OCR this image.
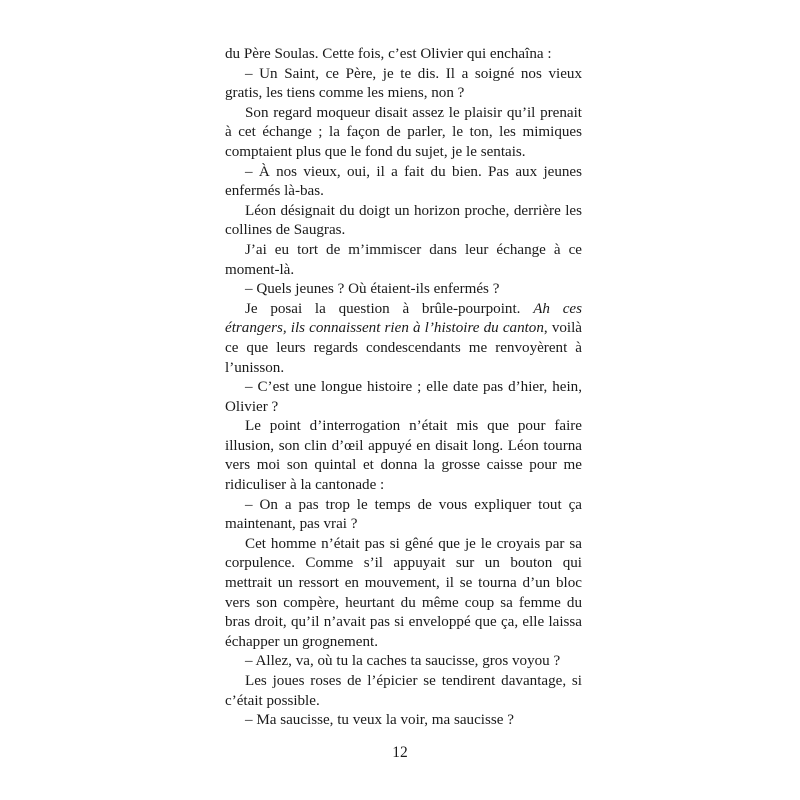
du Père Soulas. Cette fois, c’est Olivier qui enchaîna :

– Un Saint, ce Père, je te dis. Il a soigné nos vieux gratis, les tiens comme les miens, non ?

Son regard moqueur disait assez le plaisir qu’il prenait à cet échange ; la façon de parler, le ton, les mimiques comptaient plus que le fond du sujet, je le sentais.

– À nos vieux, oui, il a fait du bien. Pas aux jeunes enfermés là-bas.

Léon désignait du doigt un horizon proche, derrière les collines de Saugras.

J’ai eu tort de m’immiscer dans leur échange à ce moment-là.

– Quels jeunes ? Où étaient-ils enfermés ?

Je posai la question à brûle-pourpoint. Ah ces étrangers, ils connaissent rien à l’histoire du canton, voilà ce que leurs regards condescendants me renvoyèrent à l’unisson.

– C’est une longue histoire ; elle date pas d’hier, hein, Olivier ?

Le point d’interrogation n’était mis que pour faire illusion, son clin d’œil appuyé en disait long. Léon tourna vers moi son quintal et donna la grosse caisse pour me ridiculiser à la cantonade :

– On a pas trop le temps de vous expliquer tout ça maintenant, pas vrai ?

Cet homme n’était pas si gêné que je le croyais par sa corpulence. Comme s’il appuyait sur un bouton qui mettrait un ressort en mouvement, il se tourna d’un bloc vers son compère, heurtant du même coup sa femme du bras droit, qu’il n’avait pas si enveloppé que ça, elle laissa échapper un grognement.

– Allez, va, où tu la caches ta saucisse, gros voyou ?

Les joues roses de l’épicier se tendirent davantage, si c’était possible.

– Ma saucisse, tu veux la voir, ma saucisse ?

12
